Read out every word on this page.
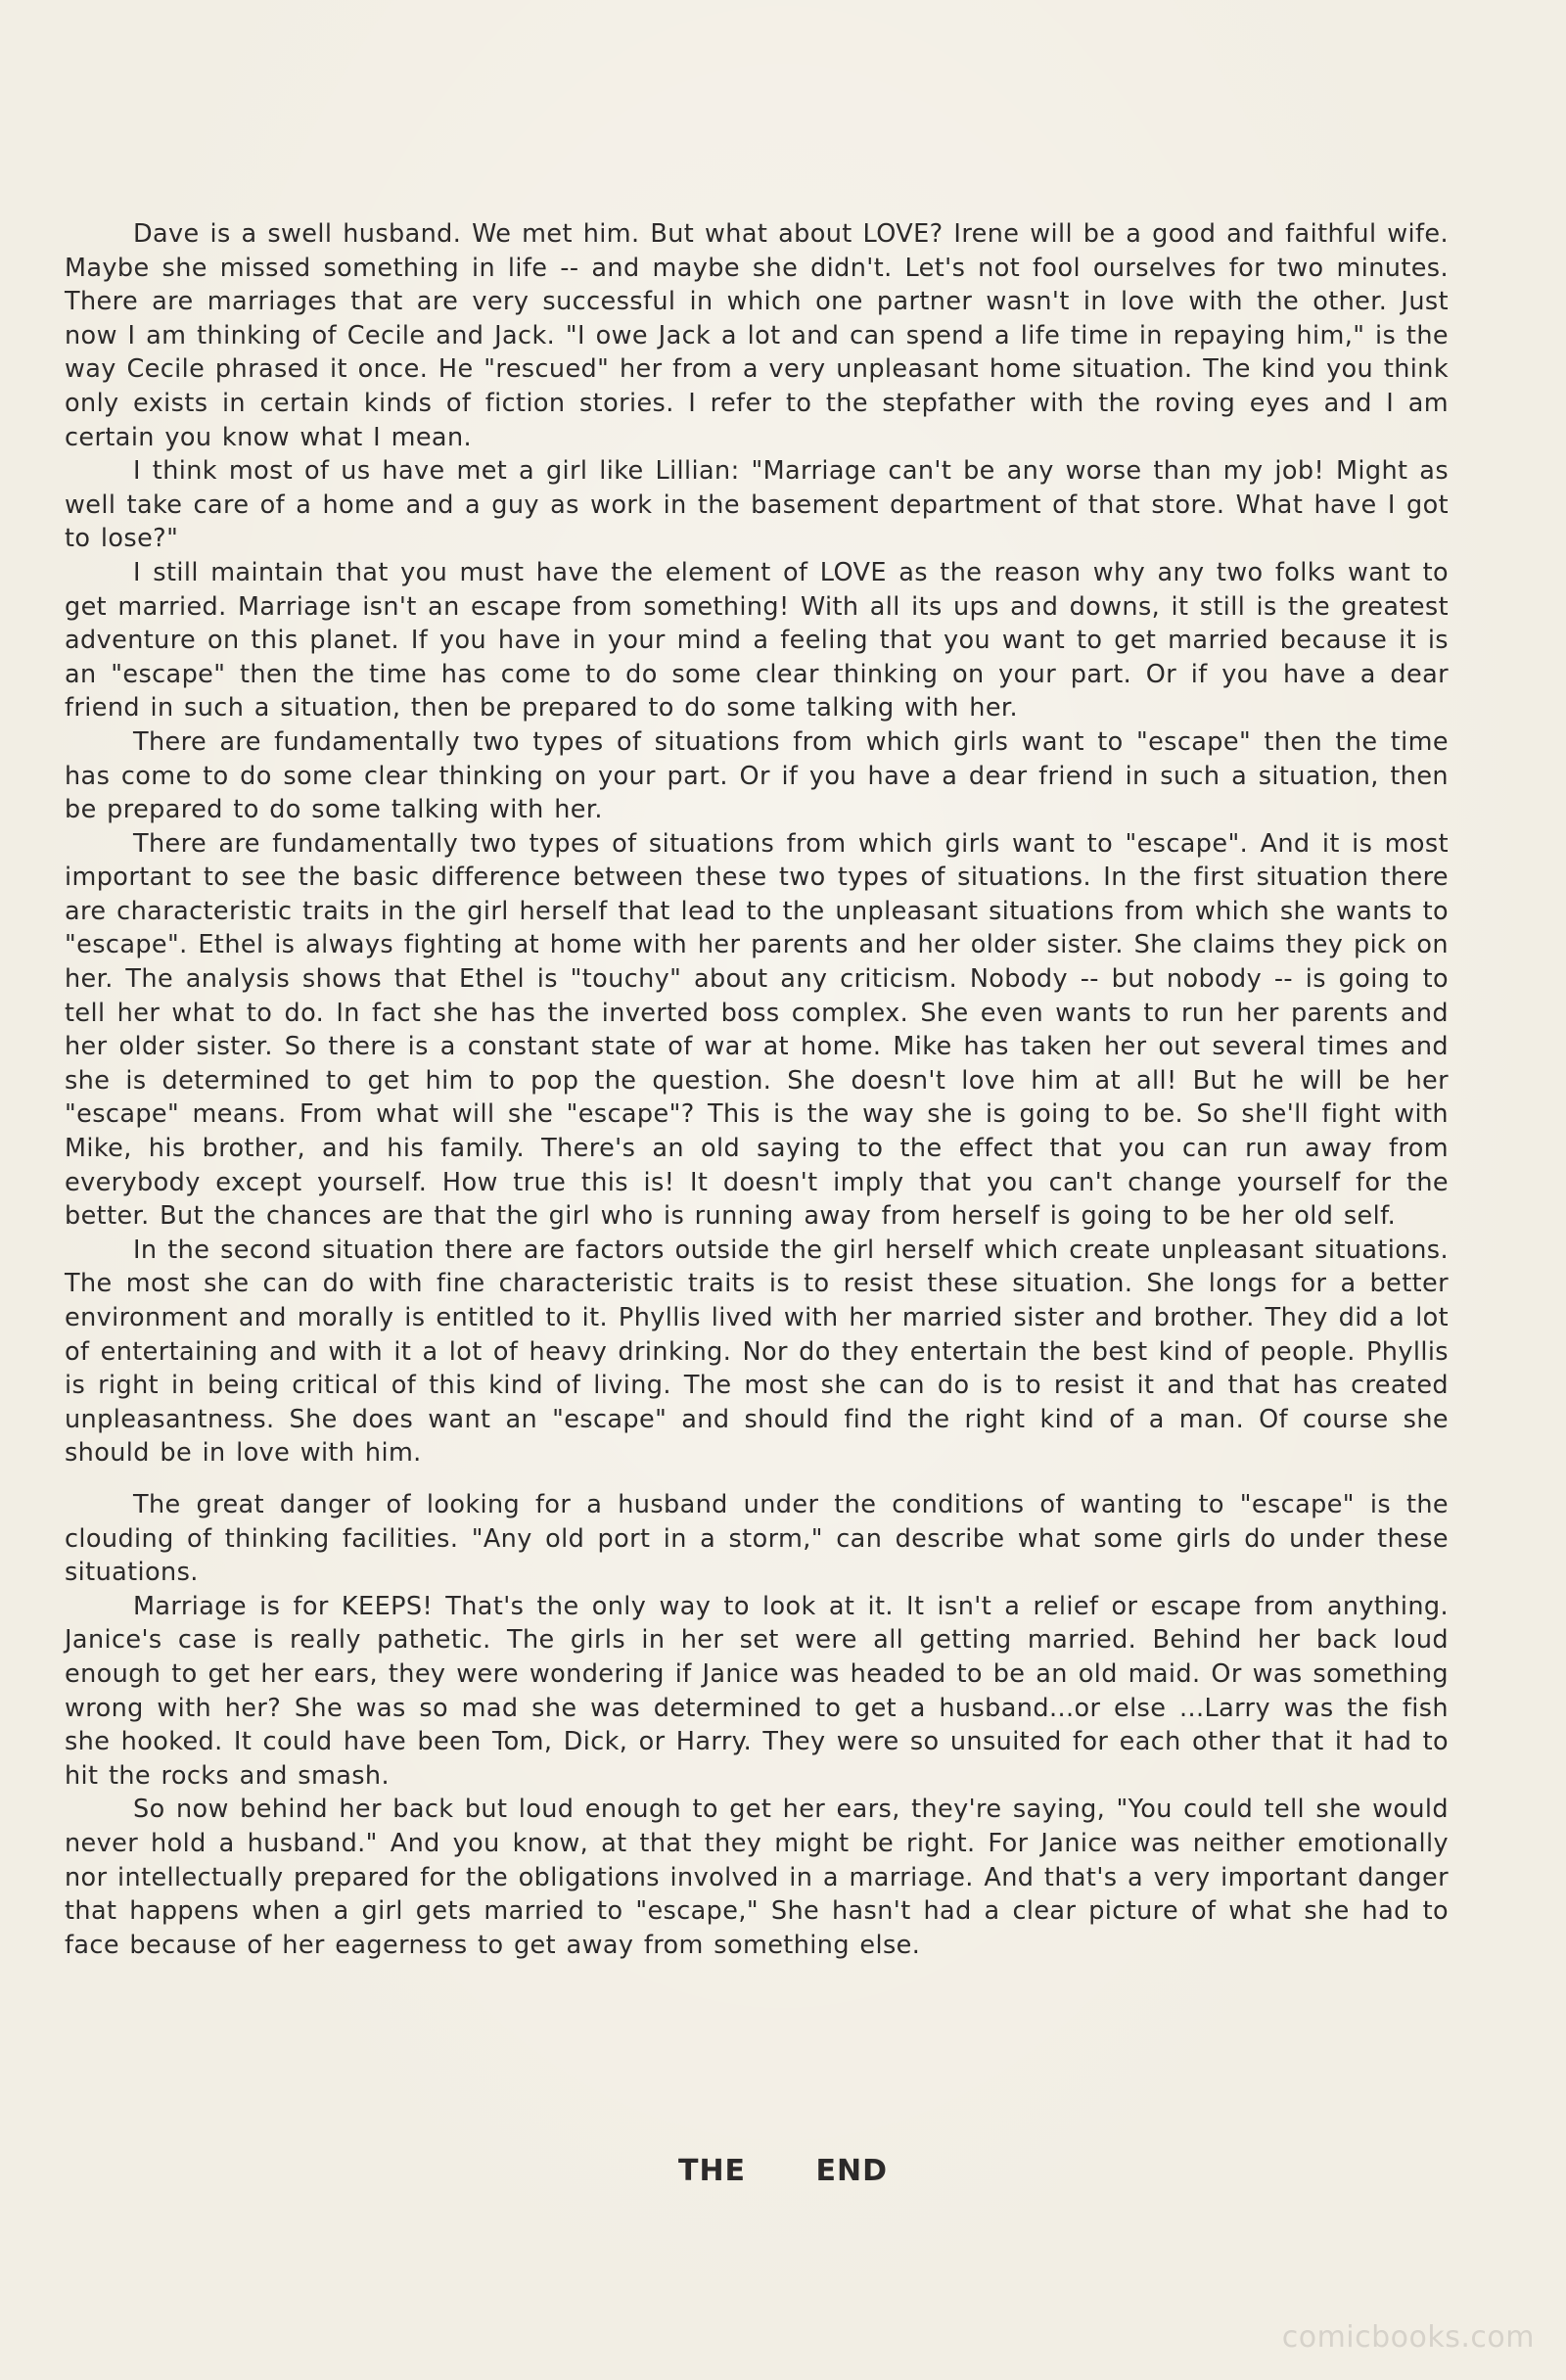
Dave is a swell husband. We met him. But what about LOVE? Irene will be a good and faithful wife. Maybe she missed something in life -- and maybe she didn't. Let's not fool ourselves for two minutes. There are marriages that are very successful in which one partner wasn't in love with the other. Just now I am thinking of Cecile and Jack. "I owe Jack a lot and can spend a life time in repaying him," is the way Cecile phrased it once. He "rescued" her from a very unpleasant home situation. The kind you think only exists in certain kinds of fiction stories. I refer to the stepfather with the roving eyes and I am certain you know what I mean.

I think most of us have met a girl like Lillian: "Marriage can't be any worse than my job! Might as well take care of a home and a guy as work in the basement department of that store. What have I got to lose?"

I still maintain that you must have the element of LOVE as the reason why any two folks want to get married. Marriage isn't an escape from something! With all its ups and downs, it still is the greatest adventure on this planet. If you have in your mind a feeling that you want to get married because it is an "escape" then the time has come to do some clear thinking on your part. Or if you have a dear friend in such a situation, then be prepared to do some talking with her.

There are fundamentally two types of situations from which girls want to "escape" then the time has come to do some clear thinking on your part. Or if you have a dear friend in such a situation, then be prepared to do some talking with her.

There are fundamentally two types of situations from which girls want to "escape". And it is most important to see the basic difference between these two types of situations. In the first situation there are characteristic traits in the girl herself that lead to the unpleasant situations from which she wants to "escape". Ethel is always fighting at home with her parents and her older sister. She claims they pick on her. The analysis shows that Ethel is "touchy" about any criticism. Nobody -- but nobody -- is going to tell her what to do. In fact she has the inverted boss complex. She even wants to run her parents and her older sister. So there is a constant state of war at home. Mike has taken her out several times and she is determined to get him to pop the question. She doesn't love him at all! But he will be her "escape" means. From what will she "escape"? This is the way she is going to be. So she'll fight with Mike, his brother, and his family. There's an old saying to the effect that you can run away from everybody except yourself. How true this is! It doesn't imply that you can't change yourself for the better. But the chances are that the girl who is running away from herself is going to be her old self.

In the second situation there are factors outside the girl herself which create unpleasant situations. The most she can do with fine characteristic traits is to resist these situation. She longs for a better environment and morally is entitled to it. Phyllis lived with her married sister and brother. They did a lot of entertaining and with it a lot of heavy drinking. Nor do they entertain the best kind of people. Phyllis is right in being critical of this kind of living. The most she can do is to resist it and that has created unpleasantness. She does want an "escape" and should find the right kind of a man. Of course she should be in love with him.

The great danger of looking for a husband under the conditions of wanting to "escape" is the clouding of thinking facilities. "Any old port in a storm," can describe what some girls do under these situations.

Marriage is for KEEPS! That's the only way to look at it. It isn't a relief or escape from anything. Janice's case is really pathetic. The girls in her set were all getting married. Behind her back loud enough to get her ears, they were wondering if Janice was headed to be an old maid. Or was something wrong with her? She was so mad she was determined to get a husband...or else ...Larry was the fish she hooked. It could have been Tom, Dick, or Harry. They were so unsuited for each other that it had to hit the rocks and smash.

So now behind her back but loud enough to get her ears, they're saying, "You could tell she would never hold a husband." And you know, at that they might be right. For Janice was neither emotionally nor intellectually prepared for the obligations involved in a marriage. And that's a very important danger that happens when a girl gets married to "escape," She hasn't had a clear picture of what she had to face because of her eagerness to get away from something else.

THE END
comicbooks.com
